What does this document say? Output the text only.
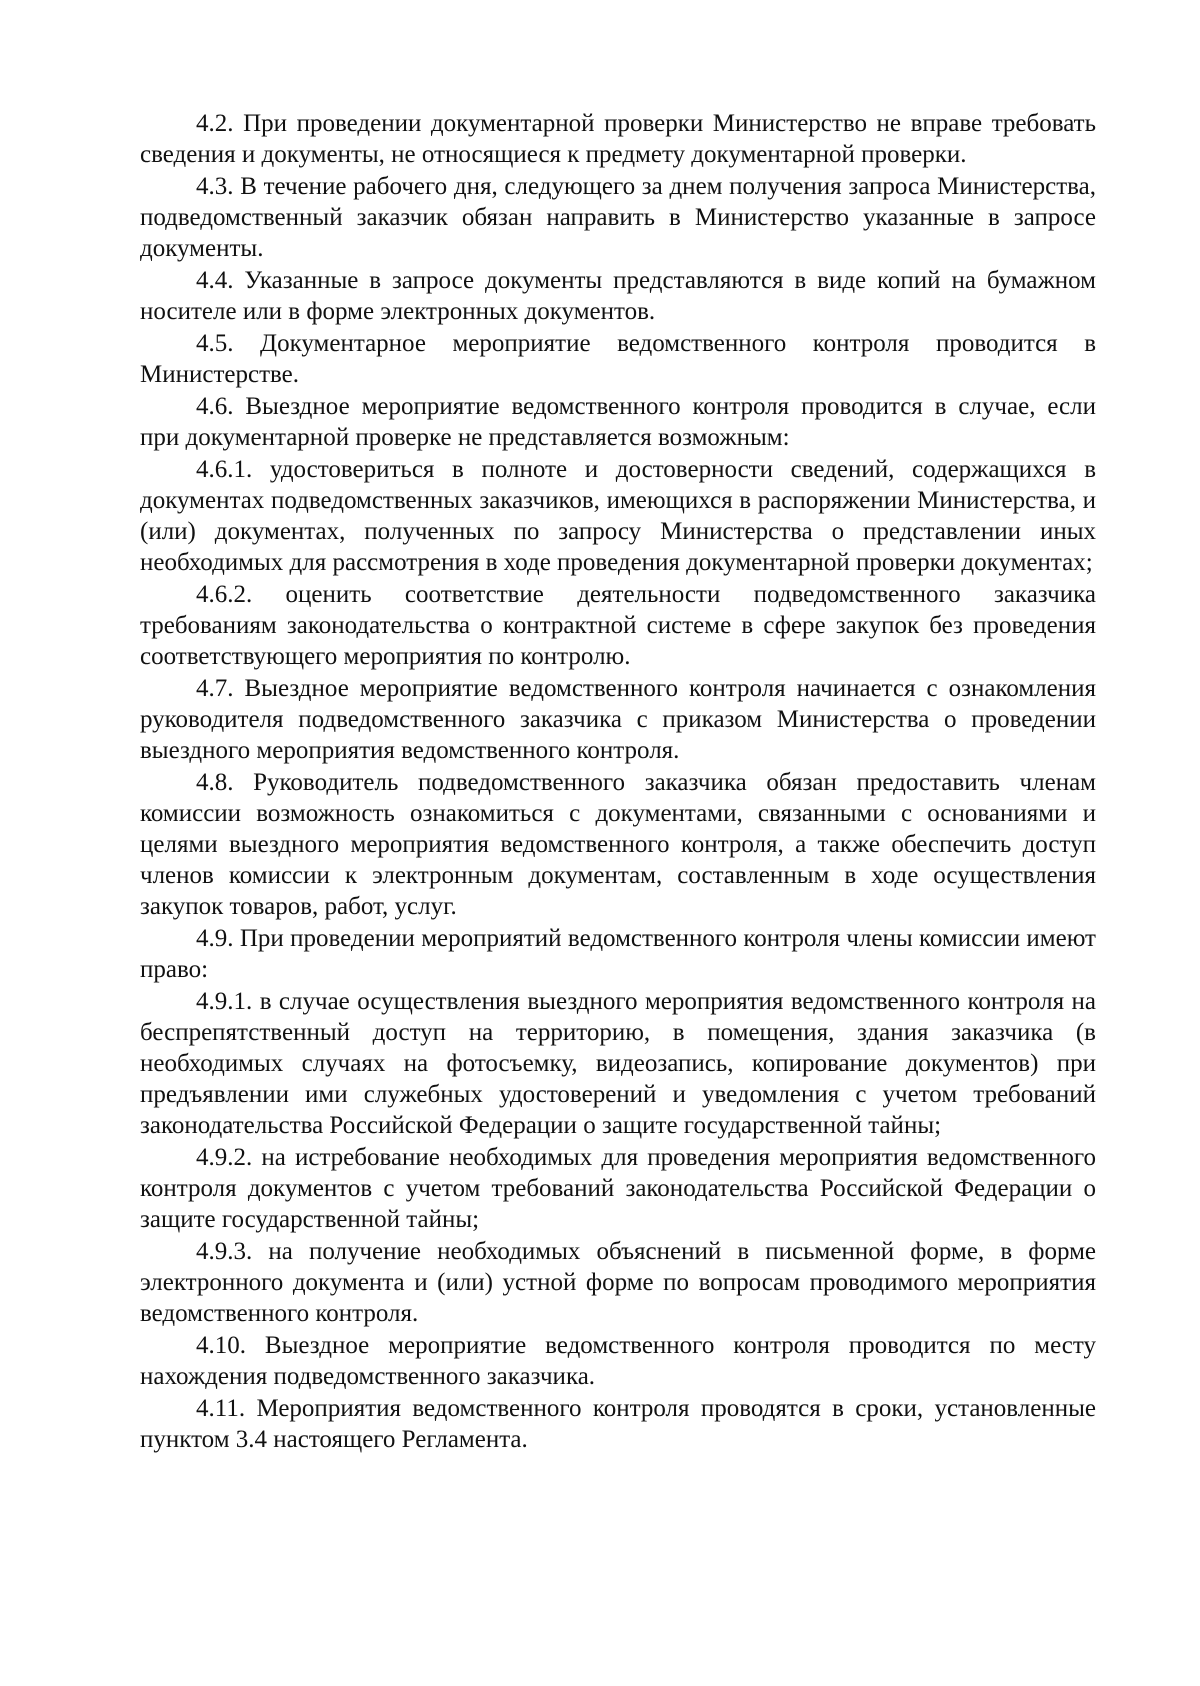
4.2. При проведении документарной проверки Министерство не вправе требовать сведения и документы, не относящиеся к предмету документарной проверки.

4.3. В течение рабочего дня, следующего за днем получения запроса Министерства, подведомственный заказчик обязан направить в Министерство указанные в запросе документы.

4.4. Указанные в запросе документы представляются в виде копий на бумажном носителе или в форме электронных документов.

4.5. Документарное мероприятие ведомственного контроля проводится в Министерстве.

4.6. Выездное мероприятие ведомственного контроля проводится в случае, если при документарной проверке не представляется возможным:

4.6.1. удостовериться в полноте и достоверности сведений, содержащихся в документах подведомственных заказчиков, имеющихся в распоряжении Министерства, и (или) документах, полученных по запросу Министерства о представлении иных необходимых для рассмотрения в ходе проведения документарной проверки документах;

4.6.2. оценить соответствие деятельности подведомственного заказчика требованиям законодательства о контрактной системе в сфере закупок без проведения соответствующего мероприятия по контролю.

4.7. Выездное мероприятие ведомственного контроля начинается с ознакомления руководителя подведомственного заказчика с приказом Министерства о проведении выездного мероприятия ведомственного контроля.

4.8. Руководитель подведомственного заказчика обязан предоставить членам комиссии возможность ознакомиться с документами, связанными с основаниями и целями выездного мероприятия ведомственного контроля, а также обеспечить доступ членов комиссии к электронным документам, составленным в ходе осуществления закупок товаров, работ, услуг.

4.9. При проведении мероприятий ведомственного контроля члены комиссии имеют право:

4.9.1. в случае осуществления выездного мероприятия ведомственного контроля на беспрепятственный доступ на территорию, в помещения, здания заказчика (в необходимых случаях на фотосъемку, видеозапись, копирование документов) при предъявлении ими служебных удостоверений и уведомления с учетом требований законодательства Российской Федерации о защите государственной тайны;

4.9.2. на истребование необходимых для проведения мероприятия ведомственного контроля документов с учетом требований законодательства Российской Федерации о защите государственной тайны;

4.9.3. на получение необходимых объяснений в письменной форме, в форме электронного документа и (или) устной форме по вопросам проводимого мероприятия ведомственного контроля.

4.10. Выездное мероприятие ведомственного контроля проводится по месту нахождения подведомственного заказчика.

4.11. Мероприятия ведомственного контроля проводятся в сроки, установленные пунктом 3.4 настоящего Регламента.
